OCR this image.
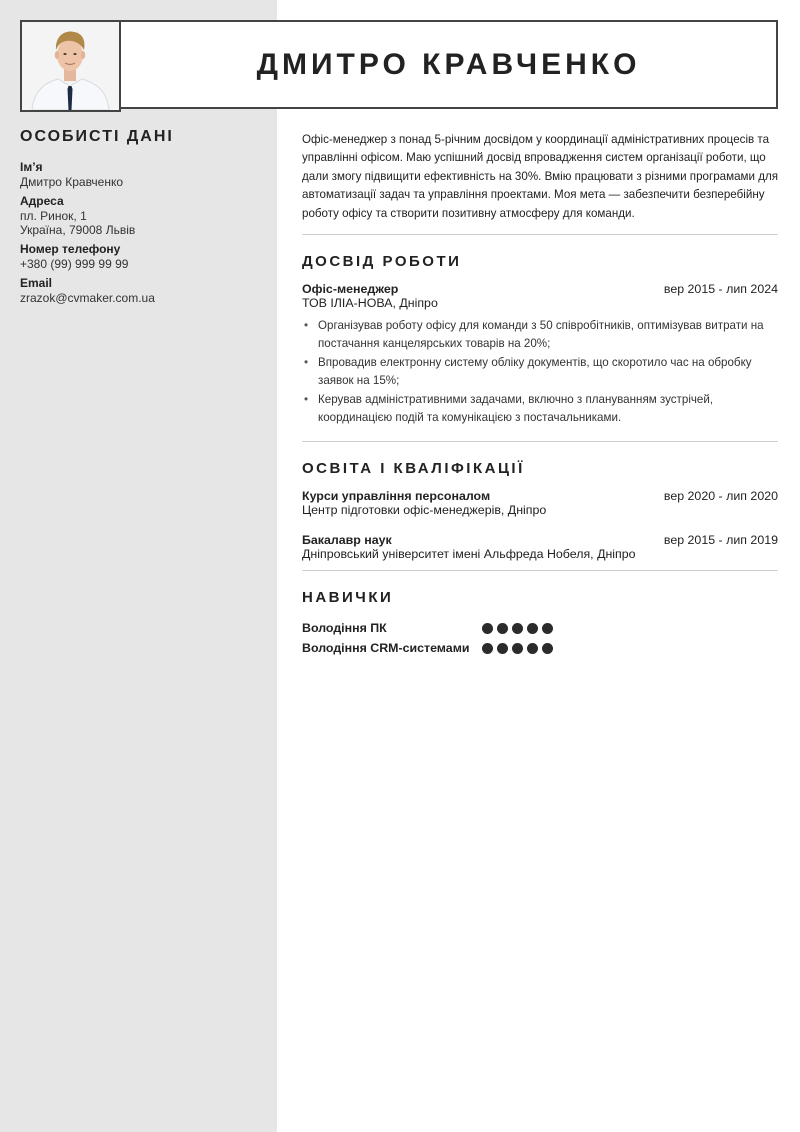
ДМИТРО КРАВЧЕНКО
ОСОБИСТІ ДАНІ
Ім’я
Дмитро Кравченко
Адреса
пл. Ринок, 1
Україна, 79008 Львів
Номер телефону
+380 (99) 999 99 99
Email
zrazok@cvmaker.com.ua

Офіс-менеджер з понад 5-річним досвідом у координації адміністративних процесів та управлінні офісом. Маю успішний досвід впровадження систем організації роботи, що дали змогу підвищити ефективність на 30%. Вмію працювати з різними програмами для автоматизації задач та управління проектами. Моя мета — забезпечити безперебійну роботу офісу та створити позитивну атмосферу для команди.

ДОСВІД РОБОТИ
Офіс-менеджер	вер 2015 - лип 2024
ТОВ ІЛІА-НОВА, Дніпро
• Організував роботу офісу для команди з 50 співробітників, оптимізував витрати на постачання канцелярських товарів на 20%;
• Впровадив електронну систему обліку документів, що скоротило час на обробку заявок на 15%;
• Керував адміністративними задачами, включно з плануванням зустрічей, координацією подій та комунікацією з постачальниками.
ОСВІТА І КВАЛІФІКАЦІЇ
Курси управління персоналом	вер 2020 - лип 2020
Центр підготовки офіс-менеджерів, Дніпро
Бакалавр наук	вер 2015 - лип 2019
Дніпровський університет імені Альфреда Нобеля, Дніпро
НАВИЧКИ
Володіння ПК
Володіння CRM-системами
